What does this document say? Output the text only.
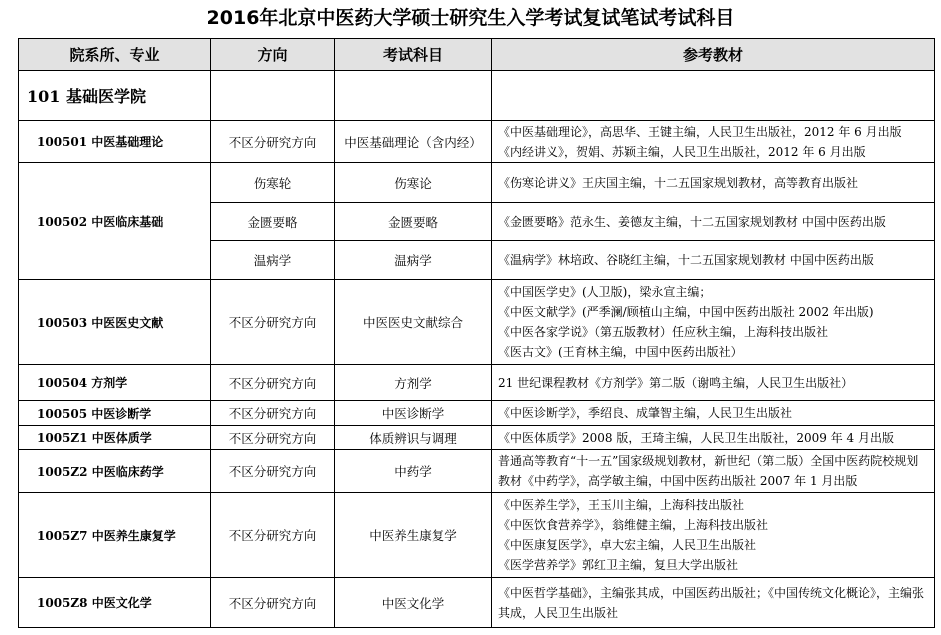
2016年北京中医药大学硕士研究生入学考试复试笔试考试科目
院系所、专业	方向	考试科目	参考教材
101 基础医学院			
100501 中医基础理论	不区分研究方向	中医基础理论（含内经）	《中医基础理论》，高思华、王键主编，人民卫生出版社，2012 年 6 月出版
《内经讲义》，贺娟、苏颖主编，人民卫生出版社，2012 年 6 月出版

100502 中医临床基础	伤寒轮	伤寒论	《伤寒论讲义》王庆国主编，十二五国家规划教材，高等教育出版社

	金匮要略	金匮要略	《金匮要略》范永生、姜德友主编，十二五国家规划教材 中国中医药出版

	温病学	温病学	《温病学》林培政、谷晓红主编，十二五国家规划教材 中国中医药出版

100503 中医医史文献	不区分研究方向	中医医史文献综合	《中国医学史》(人卫版)，梁永宣主编；
《中医文献学》(严季澜/顾植山主编，中国中医药出版社 2002 年出版)
《中医各家学说》（第五版教材）任应秋主编，上海科技出版社
《医古文》(王育林主编，中国中医药出版社）

100504 方剂学	不区分研究方向	方剂学	21 世纪课程教材《方剂学》第二版（谢鸣主编，人民卫生出版社）

100505 中医诊断学	不区分研究方向	中医诊断学	《中医诊断学》，季绍良、成肇智主编，人民卫生出版社

1005Z1 中医体质学	不区分研究方向	体质辨识与调理	《中医体质学》2008 版，王琦主编，人民卫生出版社，2009 年 4 月出版

1005Z2 中医临床药学	不区分研究方向	中药学	普通高等教育“十一五”国家级规划教材，新世纪（第二版）全国中医药院校规划教材《中药学》，高学敏主编，中国中医药出版社 2007 年 1 月出版

1005Z7 中医养生康复学	不区分研究方向	中医养生康复学	《中医养生学》，王玉川主编，上海科技出版社
《中医饮食营养学》，翁维健主编，上海科技出版社
《中医康复医学》，卓大宏主编，人民卫生出版社
《医学营养学》郭红卫主编，复旦大学出版社

1005Z8 中医文化学	不区分研究方向	中医文化学	《中医哲学基础》，主编张其成，中国医药出版社；《中国传统文化概论》，主编张其成，人民卫生出版社
